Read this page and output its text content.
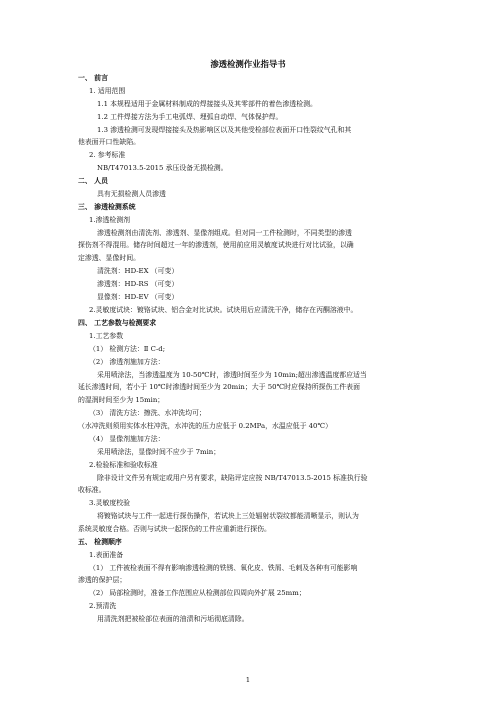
渗透检测作业指导书
一、 前言
1. 适用范围
1.1 本规程适用于金属材料制成的焊接接头及其零部件的着色渗透检测。
1.2 工件焊接方法为手工电弧焊、埋弧自动焊、气体保护焊。
1.3 渗透检测可发现焊接接头及热影响区以及其他受检部位表面开口性裂纹气孔和其
他表面开口性缺陷。
2. 参考标准
NB/T47013.5-2015 承压设备无损检测。
二、 人员
具有无损检测人员渗透
三、 渗透检测系统
1.渗透检测剂
渗透检测剂由清洗剂、渗透剂、显像剂组成。但对同一工件检测时，不同类型的渗透
探伤剂不得混用。储存时间超过一年的渗透剂，使用前应用灵敏度试块进行对比试验，以确
定渗透、显像时间。
清洗剂：HD-EX （可变）
渗透剂：HD-RS （可变）
显像剂：HD-EV （可变）
2.灵敏度试块：镀铬试块、铝合金对比试块。试块用后应清洗干净，储存在丙酮溶液中。
四、 工艺参数与检测要求
1.工艺参数
（1） 检测方法：Ⅱ C-d;
（2） 渗透剂施加方法：
采用喷涂法，当渗透温度为 10-50℃时，渗透时间至少为 10min;超出渗透温度都应适当
延长渗透时间，若小于 10℃时渗透时间至少为 20min；大于 50℃时应保持所探伤工件表面
的湿润时间至少为 15min；
（3） 清洗方法：擦洗、水冲洗均可；
（水冲洗则须用实体水柱冲洗，水冲洗的压力应低于 0.2MPa，水温应低于 40℃）
（4） 显像剂施加方法：
采用喷涂法，显像时间不应少于 7min；
2.检验标准和验收标准
除非设计文件另有规定或用户另有要求，缺陷评定应按 NB/T47013.5-2015 标准执行验
收标准。
3.灵敏度校验
将镀铬试块与工件一起进行探伤操作，若试块上三处辐射状裂纹都能清晰显示，则认为
系统灵敏度合格。否则与试块一起探伤的工件应重新进行探伤。
五、 检测顺序
1.表面准备
（1） 工件被检表面不得有影响渗透检测的铁锈、氧化皮、铁屑、毛刺及各种有可能影响
渗透的保护层；
（2） 局部检测时，准备工作范围应从检测部位四周向外扩展 25mm；
2.预清洗
用清洗剂把被检部位表面的油渍和污垢彻底清除。
1
